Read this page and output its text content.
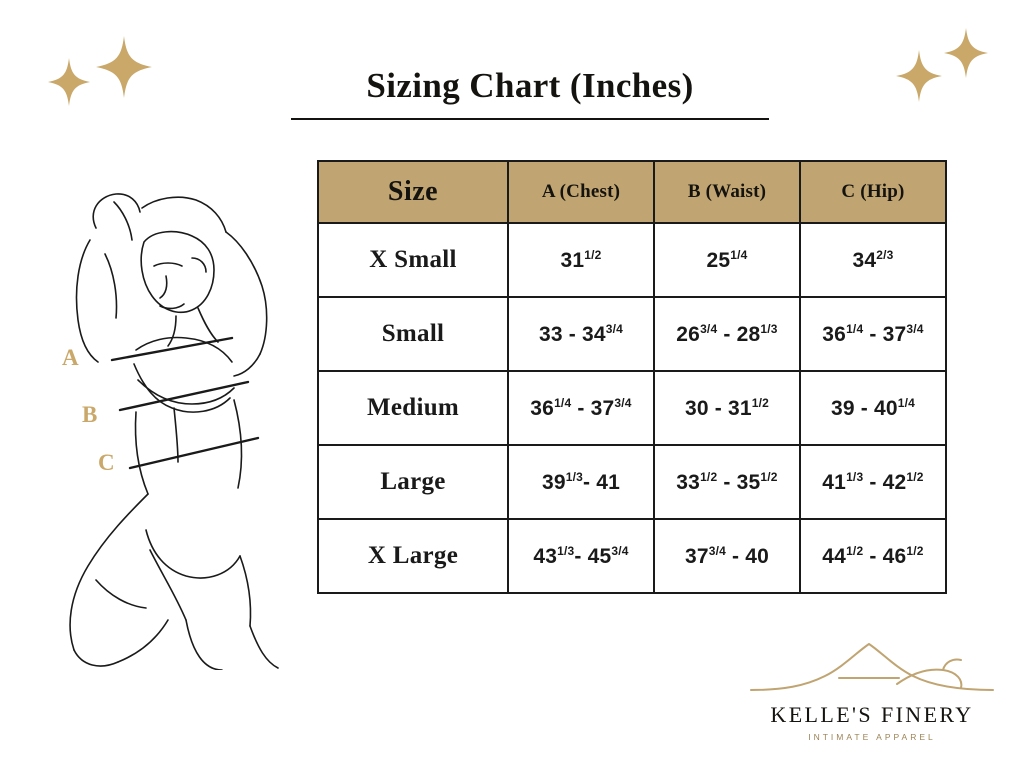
Sizing Chart (Inches)
A
B
C
Size	A (Chest)	B (Waist)	C (Hip)
X Small	$31^{1/2}$	$25^{1/4}$	$34^{2/3}$
Small	$33 - 34^{3/4}$	$26^{3/4} - 28^{1/3}$	$36^{1/4} - 37^{3/4}$
Medium	$36^{1/4} - 37^{3/4}$	$30 - 31^{1/2}$	$39 - 40^{1/4}$
Large	$39^{1/3}-$ 41	$33^{1/2} - 35^{1/2}$	$41^{1/3} - 42^{1/2}$
X Large	$43^{1/3}-$ $45^{3/4}$	$37^{3/4} - 40$	$44^{1/2} - 46^{1/2}$
KELLE'S FINERY
INTIMATE APPAREL
